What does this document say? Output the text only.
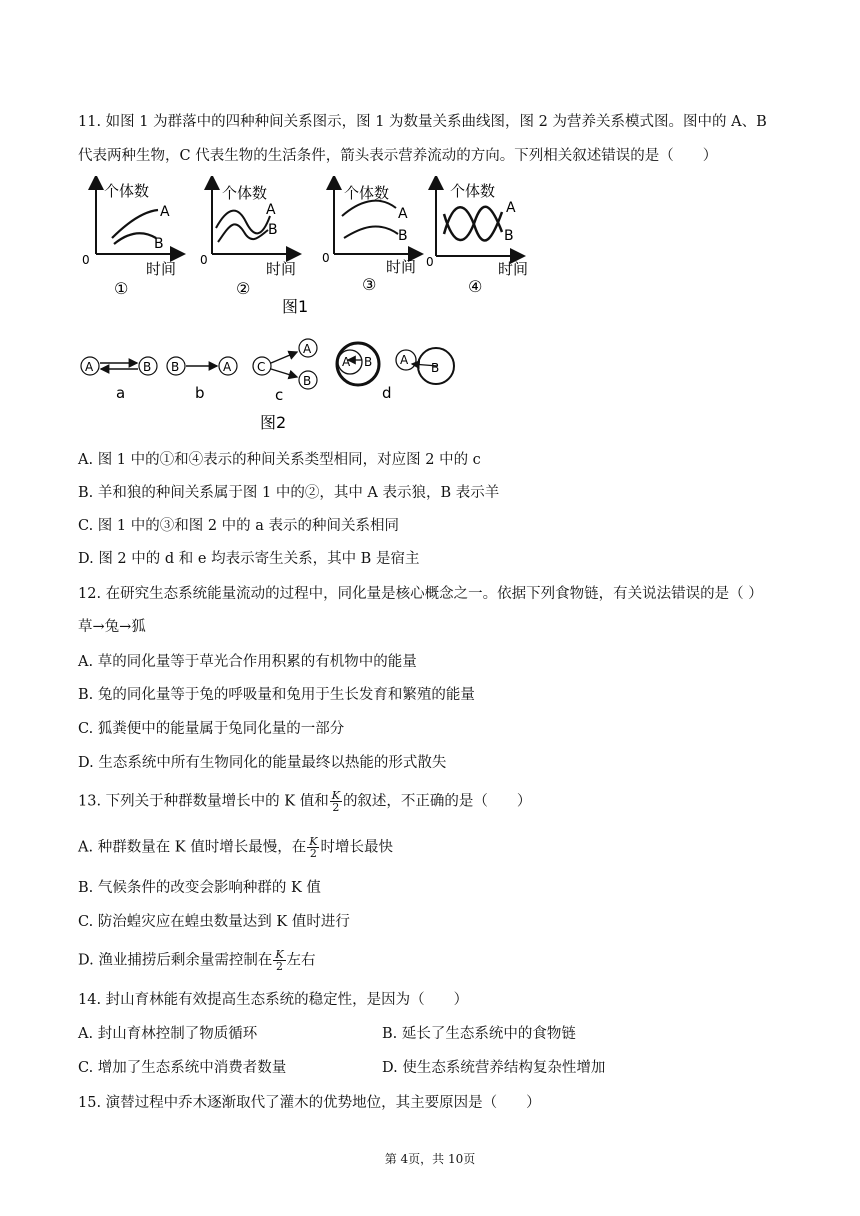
11. 如图 1 为群落中的四种种间关系图示，图 1 为数量关系曲线图，图 2 为营养关系模式图。图中的 A、B
代表两种生物，C 代表生物的生活条件，箭头表示营养流动的方向。下列相关叙述错误的是（　　）
个体数
0	时间
A
B
①
个体数
0	时间
A
B
②
个体数
0	时间
A
B
③
个体数
0	时间
A
B
④
图1
A	B
a
B	A
b
C
A
B
c
A B A
B
d
图2
A. 图 1 中的①和④表示的种间关系类型相同，对应图 2 中的 c
B. 羊和狼的种间关系属于图 1 中的②，其中 A 表示狼，B 表示羊
C. 图 1 中的③和图 2 中的 a 表示的种间关系相同
D. 图 2 中的 d 和 e 均表示寄生关系，其中 B 是宿主
12. 在研究生态系统能量流动的过程中，同化量是核心概念之一。依据下列食物链，有关说法错误的是（ ）
草→兔→狐
A. 草的同化量等于草光合作用积累的有机物中的能量
B. 兔的同化量等于兔的呼吸量和兔用于生长发育和繁殖的能量
C. 狐粪便中的能量属于兔同化量的一部分
D. 生态系统中所有生物同化的能量最终以热能的形式散失
13. 下列关于种群数量增长中的 K 值和 $\frac{K}{2}$ 的叙述，不正确的是（　　）
A. 种群数量在 K 值时增长最慢，在 $\frac{K}{2}$ 时增长最快
B. 气候条件的改变会影响种群的 K 值
C. 防治蝗灾应在蝗虫数量达到 K 值时进行
D. 渔业捕捞后剩余量需控制在 $\frac{K}{2}$ 左右
14. 封山育林能有效提高生态系统的稳定性，是因为（　　）
A. 封山育林控制了物质循环	B. 延长了生态系统中的食物链
C. 增加了生态系统中消费者数量	D. 使生态系统营养结构复杂性增加
15. 演替过程中乔木逐渐取代了灌木的优势地位，其主要原因是（　　）
第 4页，共 10页
